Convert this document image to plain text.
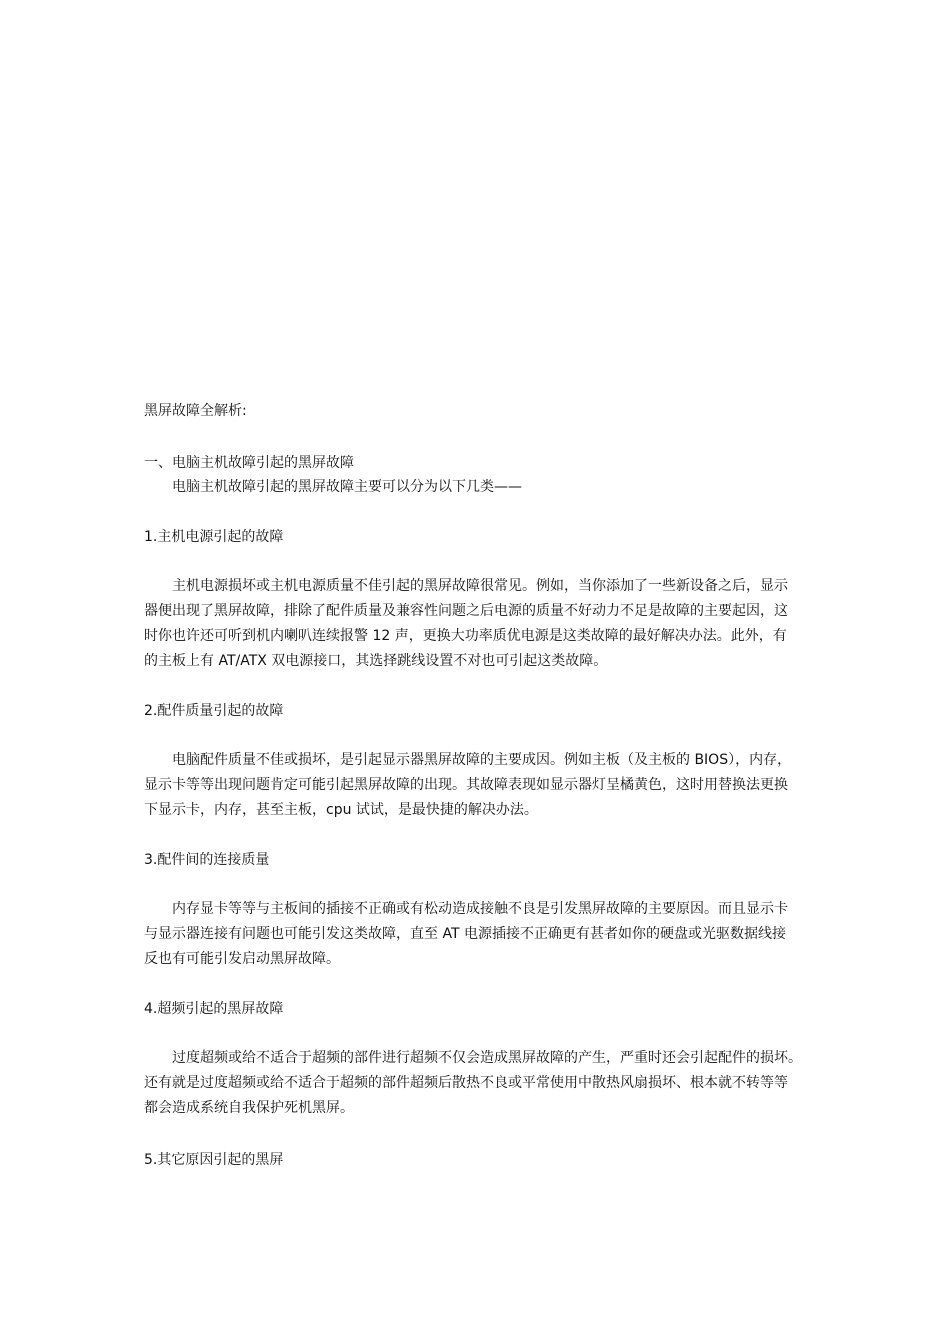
黑屏故障全解析:
一、电脑主机故障引起的黑屏故障
电脑主机故障引起的黑屏故障主要可以分为以下几类——
1.主机电源引起的故障
主机电源损坏或主机电源质量不佳引起的黑屏故障很常见。例如，当你添加了一些新设备之后，显示
器便出现了黑屏故障，排除了配件质量及兼容性问题之后电源的质量不好动力不足是故障的主要起因，这
时你也许还可听到机内喇叭连续报警 12 声，更换大功率质优电源是这类故障的最好解决办法。此外，有
的主板上有 AT/ATX 双电源接口，其选择跳线设置不对也可引起这类故障。
2.配件质量引起的故障
电脑配件质量不佳或损坏，是引起显示器黑屏故障的主要成因。例如主板（及主板的 BIOS），内存，
显示卡等等出现问题肯定可能引起黑屏故障的出现。其故障表现如显示器灯呈橘黄色，这时用替换法更换
下显示卡，内存，甚至主板，cpu 试试，是最快捷的解决办法。
3.配件间的连接质量
内存显卡等等与主板间的插接不正确或有松动造成接触不良是引发黑屏故障的主要原因。而且显示卡
与显示器连接有问题也可能引发这类故障，直至 AT 电源插接不正确更有甚者如你的硬盘或光驱数据线接
反也有可能引发启动黑屏故障。
4.超频引起的黑屏故障
过度超频或给不适合于超频的部件进行超频不仅会造成黑屏故障的产生，严重时还会引起配件的损坏。
还有就是过度超频或给不适合于超频的部件超频后散热不良或平常使用中散热风扇损坏、根本就不转等等
都会造成系统自我保护死机黑屏。
5.其它原因引起的黑屏
